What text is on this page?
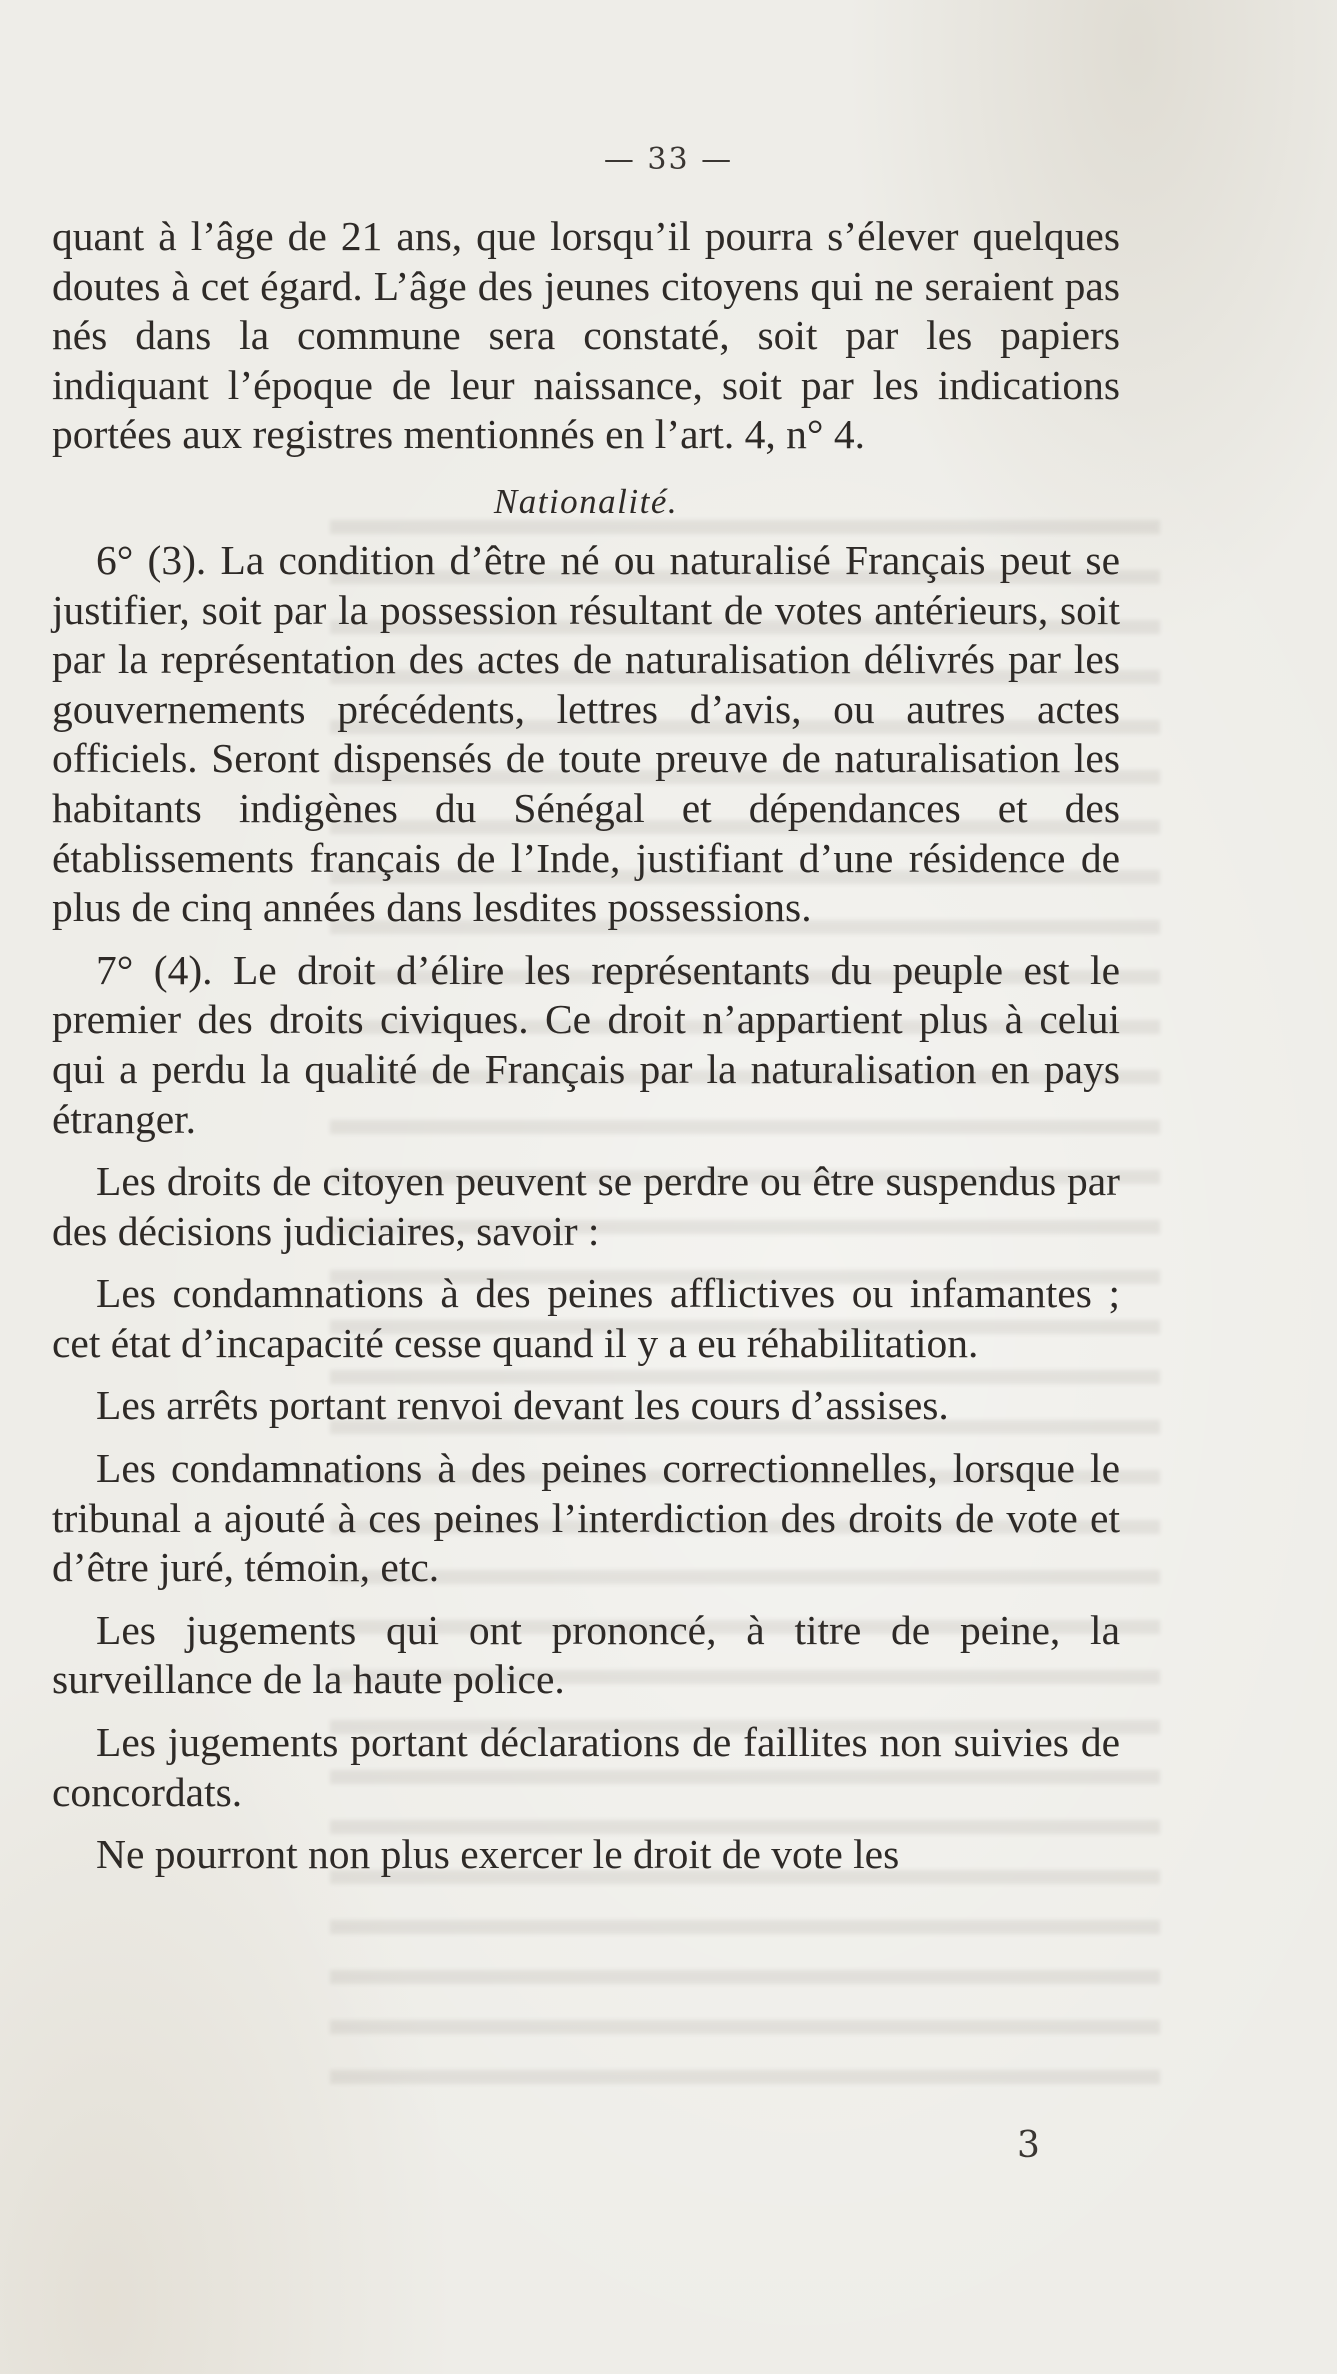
— 33 —

quant à l’âge de 21 ans, que lorsqu’il pourra s’élever quelques doutes à cet égard. L’âge des jeunes citoyens qui ne seraient pas nés dans la commune sera constaté, soit par les papiers indiquant l’époque de leur naissance, soit par les indications portées aux registres mentionnés en l’art. 4, n° 4.

Nationalité.

6° (3). La condition d’être né ou naturalisé Français peut se justifier, soit par la possession résultant de votes antérieurs, soit par la représentation des actes de naturalisation délivrés par les gouvernements précédents, lettres d’avis, ou autres actes officiels. Seront dispensés de toute preuve de naturalisation les habitants indigènes du Sénégal et dépendances et des établissements français de l’Inde, justifiant d’une résidence de plus de cinq années dans lesdites possessions.

7° (4). Le droit d’élire les représentants du peuple est le premier des droits civiques. Ce droit n’appartient plus à celui qui a perdu la qualité de Français par la naturalisation en pays étranger.

Les droits de citoyen peuvent se perdre ou être suspendus par des décisions judiciaires, savoir :

Les condamnations à des peines afflictives ou infamantes ; cet état d’incapacité cesse quand il y a eu réhabilitation.

Les arrêts portant renvoi devant les cours d’assises.

Les condamnations à des peines correctionnelles, lorsque le tribunal a ajouté à ces peines l’interdiction des droits de vote et d’être juré, témoin, etc.

Les jugements qui ont prononcé, à titre de peine, la surveillance de la haute police.

Les jugements portant déclarations de faillites non suivies de concordats.

Ne pourront non plus exercer le droit de vote les

3
